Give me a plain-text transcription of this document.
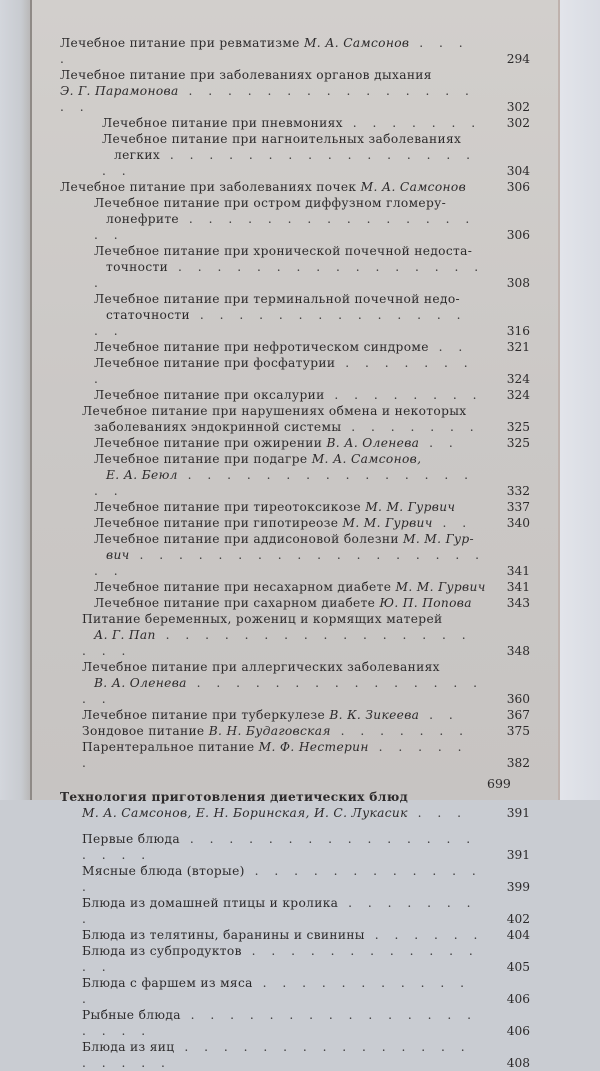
Лечебное питание при ревматизме М. А. Самсонов . . . .	294
Лечебное питание при заболеваниях органов дыхания
Э. Г. Парамонова . . . . . . . . . . . . . . . . .	302
Лечебное питание при пневмониях . . . . . . .	302
Лечебное питание при нагноительных заболеваниях
легких . . . . . . . . . . . . . . . . . .	304
Лечебное питание при заболеваниях почек М. А. Самсонов	306
Лечебное питание при остром диффузном гломеру-
лонефрите . . . . . . . . . . . . . . . . .	306
Лечебное питание при хронической почечной недоста-
точности . . . . . . . . . . . . . . . . .	308
Лечебное питание при терминальной почечной недо-
статочности . . . . . . . . . . . . . . . .	316
Лечебное питание при нефротическом синдроме . .	321
Лечебное питание при фосфатурии . . . . . . . .	324
Лечебное питание при оксалурии . . . . . . . .	324
Лечебное питание при нарушениях обмена и некоторых
заболеваниях эндокринной системы . . . . . . .	325
Лечебное питание при ожирении В. А. Оленева . .	325
Лечебное питание при подагре М. А. Самсонов,
Е. А. Беюл . . . . . . . . . . . . . . . . .	332
Лечебное питание при тиреотоксикозе М. М. Гурвич	337
Лечебное питание при гипотиреозе М. М. Гурвич . .	340
Лечебное питание при аддисоновой болезни М. М. Гур-
вич . . . . . . . . . . . . . . . . . . . .	341
Лечебное питание при несахарном диабете М. М. Гурвич	341
Лечебное питание при сахарном диабете Ю. П. Попова	343
Питание беременных, рожениц и кормящих матерей
А. Г. Пап . . . . . . . . . . . . . . . . . . .	348
Лечебное питание при аллергических заболеваниях
В. А. Оленева . . . . . . . . . . . . . . . . .	360
Лечебное питание при туберкулезе В. К. Зикеева . .	367
Зондовое питание В. Н. Будаговская . . . . . . .	375
Парентеральное питание М. Ф. Нестерин . . . . . .	382
Технология приготовления диетических блюд
М. А. Самсонов, Е. Н. Боринская, И. С. Лукасик . . .	391
Первые блюда . . . . . . . . . . . . . . . . . . .	391
Мясные блюда (вторые) . . . . . . . . . . . . .	399
Блюда из домашней птицы и кролика . . . . . . . .	402
Блюда из телятины, баранины и свинины . . . . . .	404
Блюда из субпродуктов . . . . . . . . . . . . . .	405
Блюда с фаршем из мяса . . . . . . . . . . . .	406
Рыбные блюда . . . . . . . . . . . . . . . . . . .	406
Блюда из яиц . . . . . . . . . . . . . . . . . . . .	408
699
